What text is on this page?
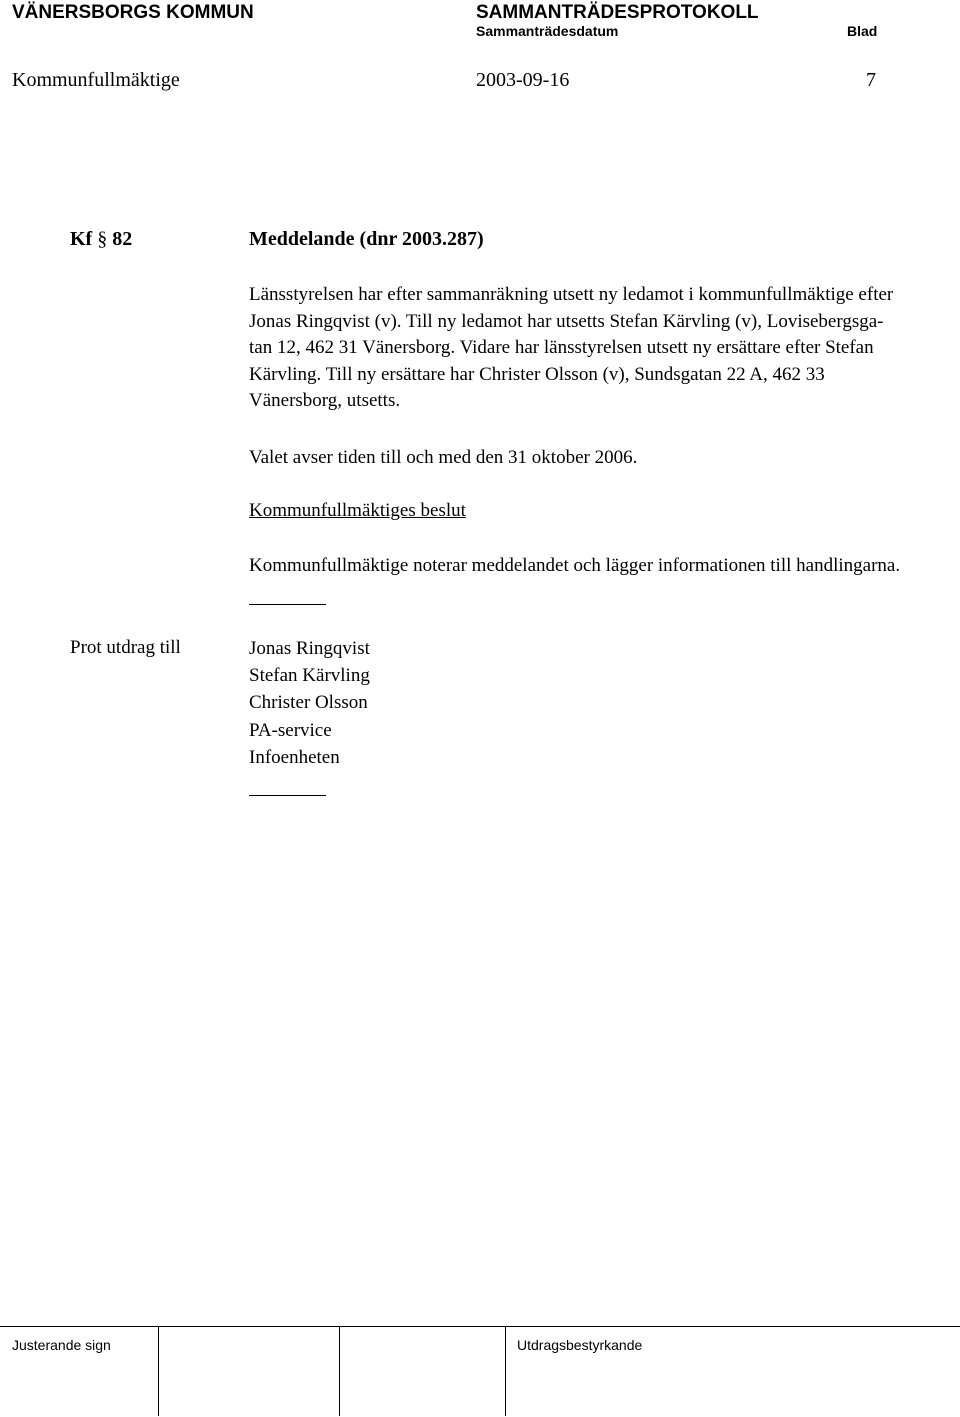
VÄNERSBORGS KOMMUN	SAMMANTRÄDESPROTOKOLL
Sammanträdesdatum	Blad
Kommunfullmäktige	2003-09-16	7
Kf § 82	Meddelande (dnr 2003.287)
Länsstyrelsen har efter sammanräkning utsett ny ledamot i kommunfullmäktige efter
Jonas Ringqvist (v). Till ny ledamot har utsetts Stefan Kärvling (v), Lovisebergsga-
tan 12, 462 31 Vänersborg. Vidare har länsstyrelsen utsett ny ersättare efter Stefan
Kärvling. Till ny ersättare har Christer Olsson (v), Sundsgatan 22 A, 462 33
Vänersborg, utsetts.
Valet avser tiden till och med den 31 oktober 2006.
Kommunfullmäktiges beslut
Kommunfullmäktige noterar meddelandet och lägger informationen till handlingarna.
Prot utdrag till	Jonas Ringqvist
Stefan Kärvling
Christer Olsson
PA-service
Infoenheten
Justerande sign	Utdragsbestyrkande
